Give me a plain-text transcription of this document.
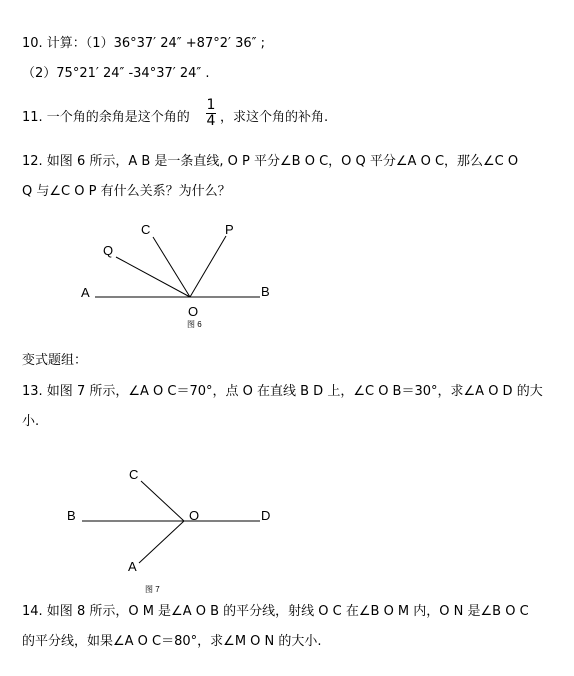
10. 计算：（1）36°37′ 24″ +87°2′ 36″ ;
（2）75°21′ 24″ -34°37′ 24″ .
11. 一个角的余角是这个角的
1
4 ，求这个角的补角.
12. 如图 6 所示，A B 是一条直线, O P 平分∠B O C，O Q 平分∠A O C，那么∠C O
Q 与∠C O P 有什么关系？为什么？
变式题组：
13. 如图 7 所示，∠A O C＝70°，点 O 在直线 B D 上，∠C O B＝30°，求∠A O D 的大
小.
14. 如图 8 所示，O M 是∠A O B 的平分线，射线 O C 在∠B O M 内，O N 是∠B O C
的平分线，如果∠A O C＝80°，求∠M O N 的大小.
A	B
C	P
Q
O
图 6
B	O	D
C
A
图 7
